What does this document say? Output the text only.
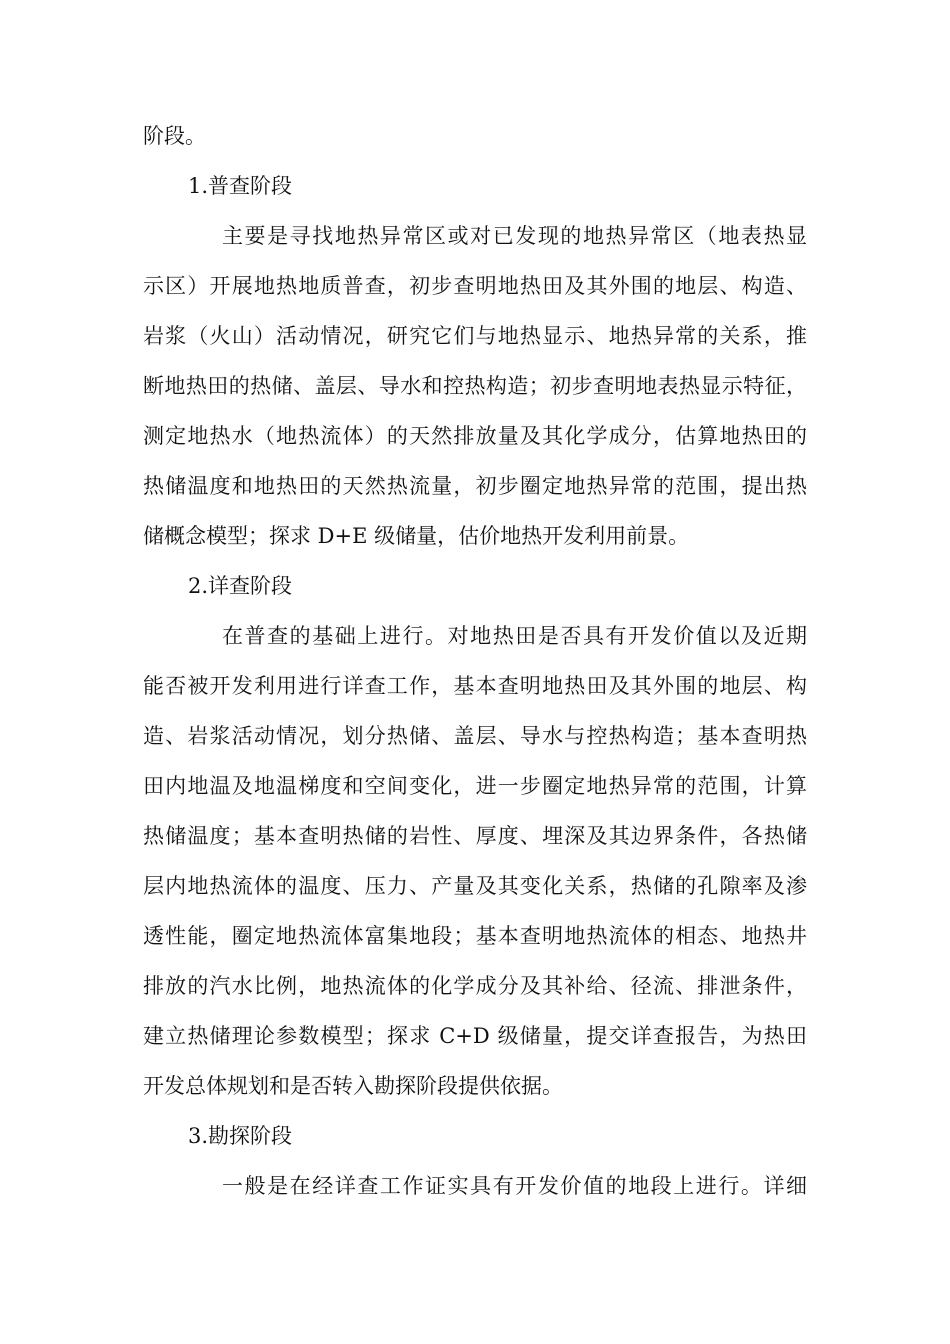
阶段。
1.普查阶段
主要是寻找地热异常区或对已发现的地热异常区（地表热显
示区）开展地热地质普查，初步查明地热田及其外围的地层、构造、
岩浆（火山）活动情况，研究它们与地热显示、地热异常的关系，推
断地热田的热储、盖层、导水和控热构造；初步查明地表热显示特征，
测定地热水（地热流体）的天然排放量及其化学成分，估算地热田的
热储温度和地热田的天然热流量，初步圈定地热异常的范围，提出热
储概念模型；探求 D+E 级储量，估价地热开发利用前景。
2.详查阶段
在普查的基础上进行。对地热田是否具有开发价值以及近期
能否被开发利用进行详查工作，基本查明地热田及其外围的地层、构
造、岩浆活动情况，划分热储、盖层、导水与控热构造；基本查明热
田内地温及地温梯度和空间变化，进一步圈定地热异常的范围，计算
热储温度；基本查明热储的岩性、厚度、埋深及其边界条件，各热储
层内地热流体的温度、压力、产量及其变化关系，热储的孔隙率及渗
透性能，圈定地热流体富集地段；基本查明地热流体的相态、地热井
排放的汽水比例，地热流体的化学成分及其补给、径流、排泄条件，
建立热储理论参数模型；探求 C+D 级储量，提交详查报告，为热田
开发总体规划和是否转入勘探阶段提供依据。
3.勘探阶段
一般是在经详查工作证实具有开发价值的地段上进行。详细
